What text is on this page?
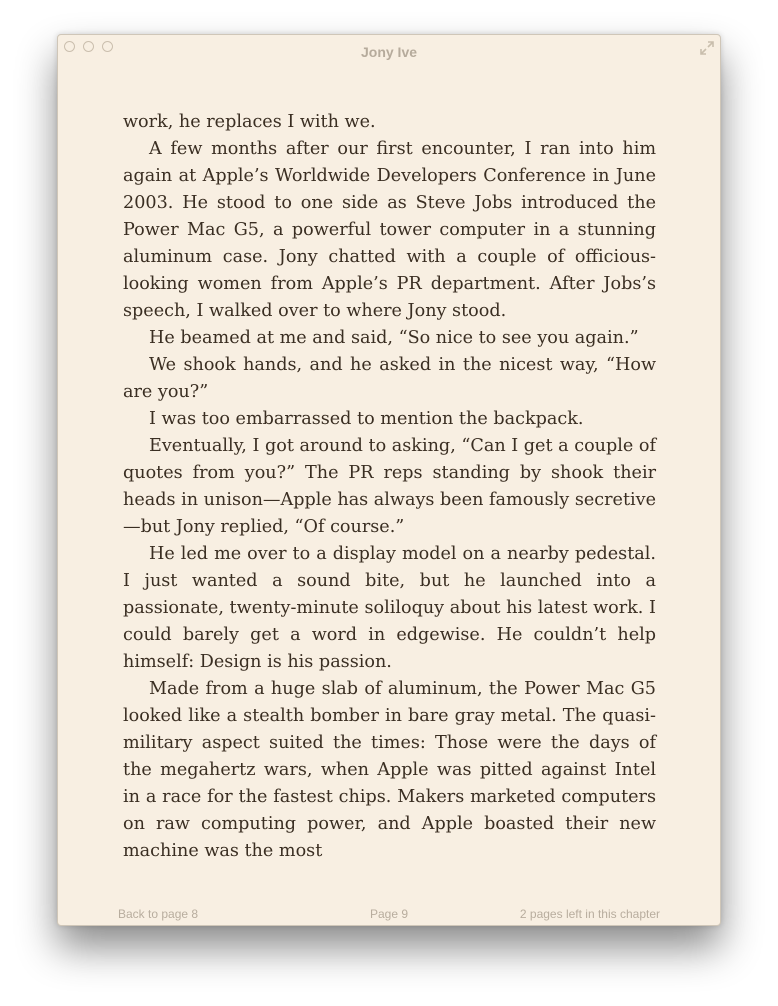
Jony Ive

work, he replaces I with we.

A few months after our first encounter, I ran into him again at Apple’s Worldwide Developers Conference in June 2003. He stood to one side as Steve Jobs introduced the Power Mac G5, a powerful tower computer in a stunning aluminum case. Jony chatted with a couple of officious-looking women from Apple’s PR department. After Jobs’s speech, I walked over to where Jony stood.

He beamed at me and said, “So nice to see you again.”

We shook hands, and he asked in the nicest way, “How are you?”

I was too embarrassed to mention the backpack.

Eventually, I got around to asking, “Can I get a couple of quotes from you?” The PR reps standing by shook their heads in unison—Apple has always been famously secretive—but Jony replied, “Of course.”

He led me over to a display model on a nearby pedestal. I just wanted a sound bite, but he launched into a passionate, twenty-minute soliloquy about his latest work. I could barely get a word in edgewise. He couldn’t help himself: Design is his passion.

Made from a huge slab of aluminum, the Power Mac G5 looked like a stealth bomber in bare gray metal. The quasi-military aspect suited the times: Those were the days of the megahertz wars, when Apple was pitted against Intel in a race for the fastest chips. Makers marketed computers on raw computing power, and Apple boasted their new machine was the most

Back to page 8	Page 9	2 pages left in this chapter
